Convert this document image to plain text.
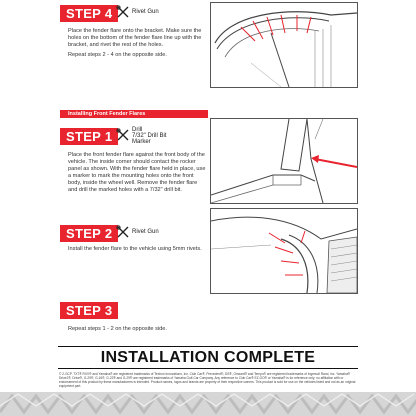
STEP 4	Rivet Gun
Place the fender flare onto the bracket. Make sure the holes on the bottom of the fender flare line up with the bracket, and rivet the rest of the holes.
Repeat steps 2 - 4 on the opposite side.
Installing Front Fender Flares
STEP 1	Drill
7/32" Drill Bit
Marker
Place the front fender flare against the front body of the vehicle. The inside corner should contact the rocker panel as shown. With the fender flare held in place, use a marker to mark the mounting holes onto the front body, inside the wheel well. Remove the fender flare and drill the marked holes with a 7/32" drill bit.
STEP 2	Rivet Gun
Install the fender flare to the vehicle using 5mm rivets.
STEP 3
Repeat steps 1 - 2 on the opposite side.
INSTALLATION COMPLETE
© 2-GCP. TXT® RXV® and Yamaha® are registered trademarks of Textron Innovations, Inc. Club Car®, Precedent®, DS®, Onward® and Tempo® are registered trademarks of Ingersoll Rand, Inc. Yamaha® Drive2®, Drive®, G-29®, G-16®, G-22® and G-29® are registered trademarks of Yamaha Golf-Car Company. Any reference to Club Car® EZ-GO® or Yamaha® is for reference only; no affiliation with or endorsement of this product by these manufacturers is intended. Product names, logos and brands are property of their respective owners. This product is sold for use on the vehicles listed and not as an original equipment part.
